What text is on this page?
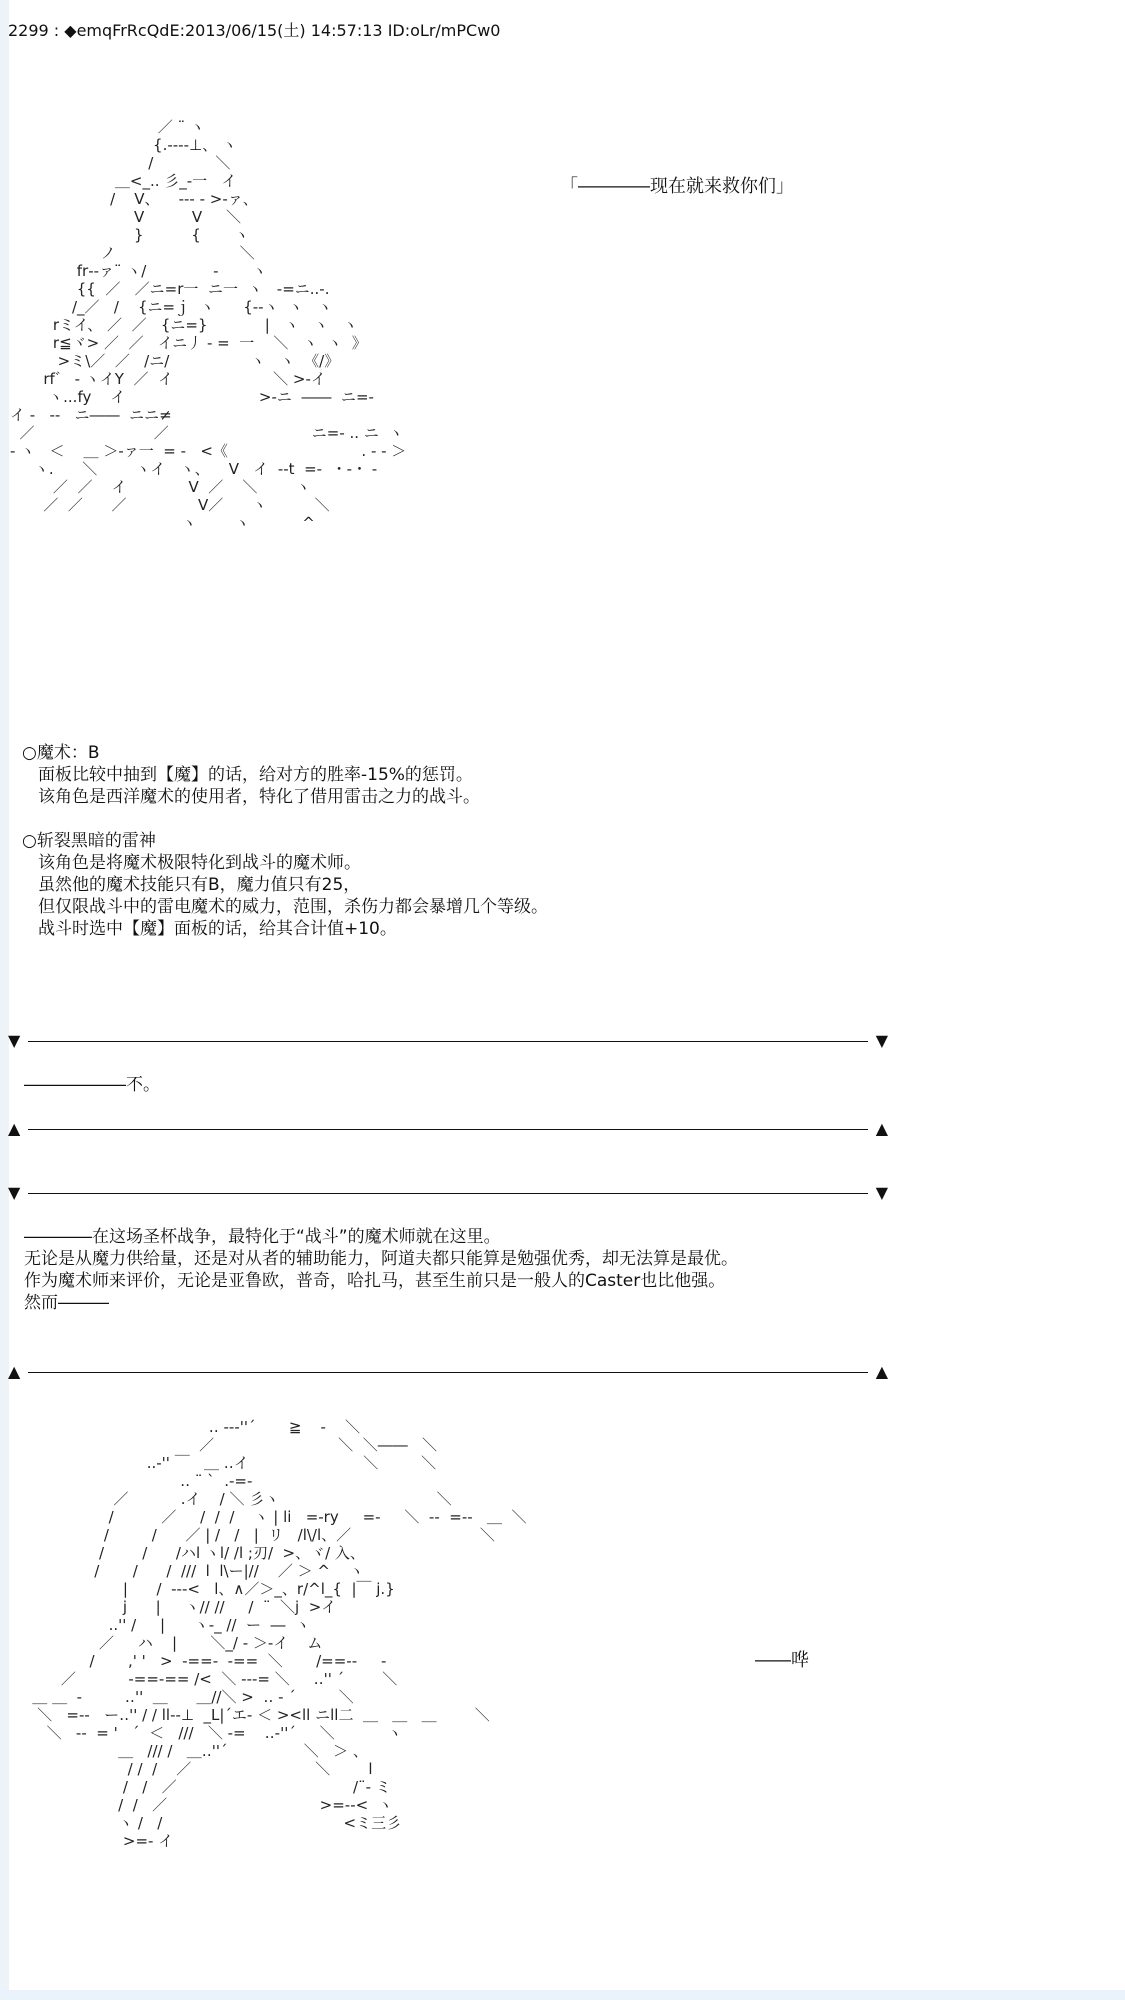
2299 : ◆emqFrRcQdE:2013/06/15(土) 14:57:13 ID:oLr/mPCw0
／ ¨ ヽ
{.-‐-‐⊥、 ヽ
/             ＼
＿<_.. 彡_‐一   イ
/    V、    ‐-‐ - >‐ァ、
V          V     ＼
}          {       ヽ
ノ                          ＼
fr‐-ァ¨ ヽ/              -       ヽ
{{  ／   ／ニ=r一  ニ一  ヽ   ‐=ニ..‐.
/_／   /    {ニ=ｊ  ヽ      {‐‐ヽ  ヽ   ヽ
rミイ、 ／  ／   {ニ=}            |   ヽ   ヽ   ヽ
r≦ヾ> ／  ／   イニ丿 - =  一    ＼   ヽ  ヽ  》
>ミ\／  ／   /ニ/                 ヽ   ヽ  《/》
rf゛ ‐ ヽイY  ／  イ                     ＼ >‐イ
ヽ...fy    イ                            >‐ニ  ――  ニ=‐
イ -   --   ニ――  ニニ≠
／                         ／                              ニ=‐ .. ニ  ヽ
- ヽ   ＜    ＿ ＞-ァ一  = -   <《                            . - - ＞
ヽ.      ＼        ヽイ   ヽ、    V   イ  --t  =-  ・-・ ‐
／  ／    イ             V  ／    ＼        ヽ
／  ／      ／               V／      ヽ          ＼
ヽ        ヽ           ^
「――――现在就来救你们」
○魔术：B
面板比较中抽到【魔】的话，给对方的胜率-15%的惩罚。
该角色是西洋魔术的使用者，特化了借用雷击之力的战斗。
○斩裂黑暗的雷神
该角色是将魔术极限特化到战斗的魔术师。
虽然他的魔术技能只有B，魔力值只有25，
但仅限战斗中的雷电魔术的威力，范围，杀伤力都会暴增几个等级。
战斗时选中【魔】面板的话，给其合计值+10。
▼	▼
――――――不。
▲	▲
▼	▼
――――在这场圣杯战争，最特化于“战斗”的魔术师就在这里。
无论是从魔力供给量，还是对从者的辅助能力，阿道夫都只能算是勉强优秀，却无法算是最优。
作为魔术师来评价，无论是亚鲁欧，普奇，哈扎马，甚至生前只是一般人的Caster也比他强。
然而―――
▲	▲
‥ --‐''´       ≧    -    ＼
／                          ＼  ＼――   ＼
..‐'' ￣   ＿ ‥イ                        ＼         ＼
‥ ¨ `  .-=-
／           .イ    / ＼ 彡ヽ                                 ＼
/          ／     /  /  /    ヽ | li   =-ry     =-     ＼  --  =--   ＿  ＼
/         /      ／ | /   /   |  リ   /l\/l、／                           ＼
/        /      /ハl ヽl/ /l ;刃/  >、ヾ/ 入、
/       /      /  ///  l  l\ー|//    ／ ＞ ^    ヽ
|      /  ‐-‐<   l、∧／＞_、r/^l_{  |￣ j.}
j      |     ヽ// //     /  ¨  ＼j  >イ
..'' /     |      ヽ-_ //  ー  ―  ヽ
／     ハ    |       ＼_/ ‐ ＞-イ    ム
/       ,' '   >  -==-  -==  ＼       /==--     -
／           -==-== /<  ＼ ---= ＼     ‥'' ´        ＼
＿ ＿  ‐         ‥''  ＿      ＿//＼ >  ‥ - ´         ＼
＼   =--   ー‥'' / / ll--⊥  _L|´エ‐ ＜ ><ll ニll二  ＿   ＿   ＿        ＼
＼   --  = '   ´  ＜   ///   ＼ -=    ‥-''´     ＼           ヽ
＿   /// /   ＿‥''´                ＼   ＞ 、
/ /  /    ／                          ＼        l
/   /   ／                                     /¨‐ ミ
/  /   ／                                >=-‐<  ヽ
ヽ /   /                                      <ミ三彡
>=- イ
――哗
